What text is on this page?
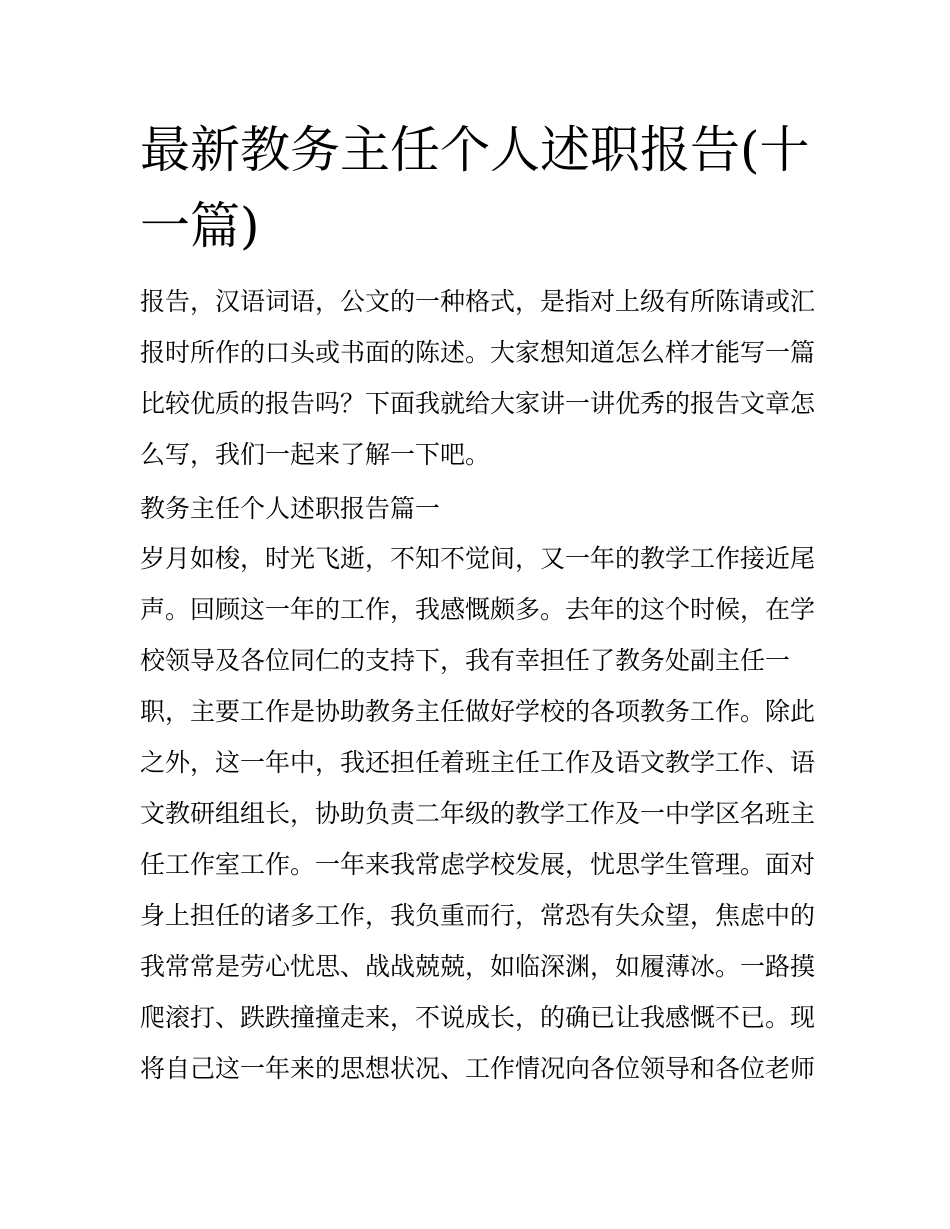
最新教务主任个人述职报告(十
一篇)
报告，汉语词语，公文的一种格式，是指对上级有所陈请或汇
报时所作的口头或书面的陈述。大家想知道怎么样才能写一篇
比较优质的报告吗？下面我就给大家讲一讲优秀的报告文章怎
么写，我们一起来了解一下吧。
教务主任个人述职报告篇一
岁月如梭，时光飞逝，不知不觉间，又一年的教学工作接近尾
声。回顾这一年的工作，我感慨颇多。去年的这个时候，在学
校领导及各位同仁的支持下，我有幸担任了教务处副主任一
职，主要工作是协助教务主任做好学校的各项教务工作。除此
之外，这一年中，我还担任着班主任工作及语文教学工作、语
文教研组组长，协助负责二年级的教学工作及一中学区名班主
任工作室工作。一年来我常虑学校发展，忧思学生管理。面对
身上担任的诸多工作，我负重而行，常恐有失众望，焦虑中的
我常常是劳心忧思、战战兢兢，如临深渊，如履薄冰。一路摸
爬滚打、跌跌撞撞走来，不说成长，的确已让我感慨不已。现
将自己这一年来的思想状况、工作情况向各位领导和各位老师
